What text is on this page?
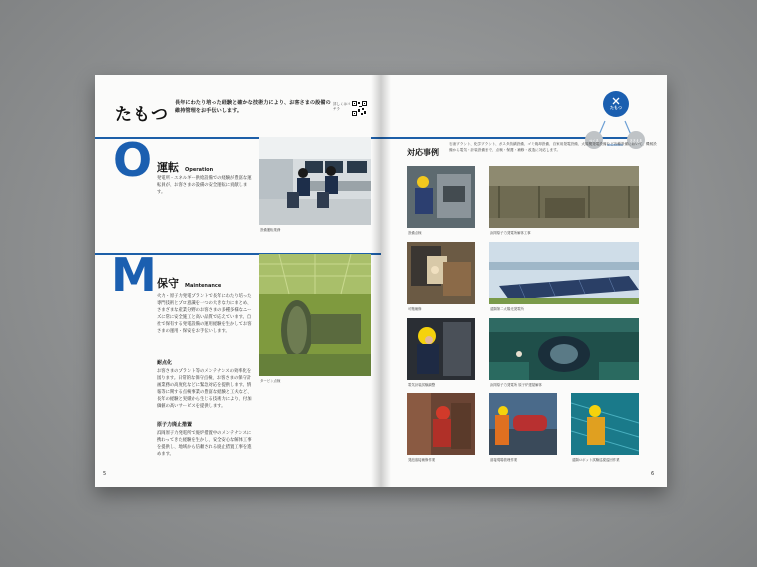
たもつ
長年にわたり培った経験と確かな技術力により、お客さまの設備の維持管理をお手伝いします。
詳しくはコチラ
O 運転 Operation
発電所・エネルギー供給設備での経験が豊富な運転員が、お客さまの設備の安全運転に貢献します。
設備運転業務
M 保守 Maintenance
火力・原子力発電プラントで長年にわたり培った専門技術とプロ意識を一つの大きな力にまとめ、さまざまな産業分野のお客さまの多種多様なニーズに常に安全施工と高い品質で応えています。自社で保有する発電設備の運用経験を生かしてお客さまの運用・保安をお手伝いします。
タービン点検
耐点化
お客さまのプラント等のメンテナンスの効率化を図ります。日常的な保守点検、お客さまの保守計画業務の高度化などに緊急対応を提供します。情報等に関する点検事業の豊富な経験と工夫など、長年の経験と実績から生じる技術力により、付加価値の高いサービスを提供します。
原子力廃止措置
浜岡原子力発電所で廃炉措置中のメンテナンスに携わってきた経験を生かし、安全安心な解体工事を提供し、地域から信頼される廃止措置工事を進めます。
5
たもつ
つくる	ささえる
対応事例
石油プラント、化学プラント、ガスタ紡績設備、ゴミ焼却設備、自家用発電設備、大規模発電設備など各種設備において、機械設備から電気・計装設備まで、点検・保護・補修・改造に対応します。
設備点検	浜岡原子力発電所解体工事
可搬補修	遠隔第二太陽光発電所
電気計装試験調整	浜岡原子力発電所 原子炉建屋解体
発泡溶接補修作業	溶接現場管理作業	遠隔ロボット試験巡視巡回作業
6
